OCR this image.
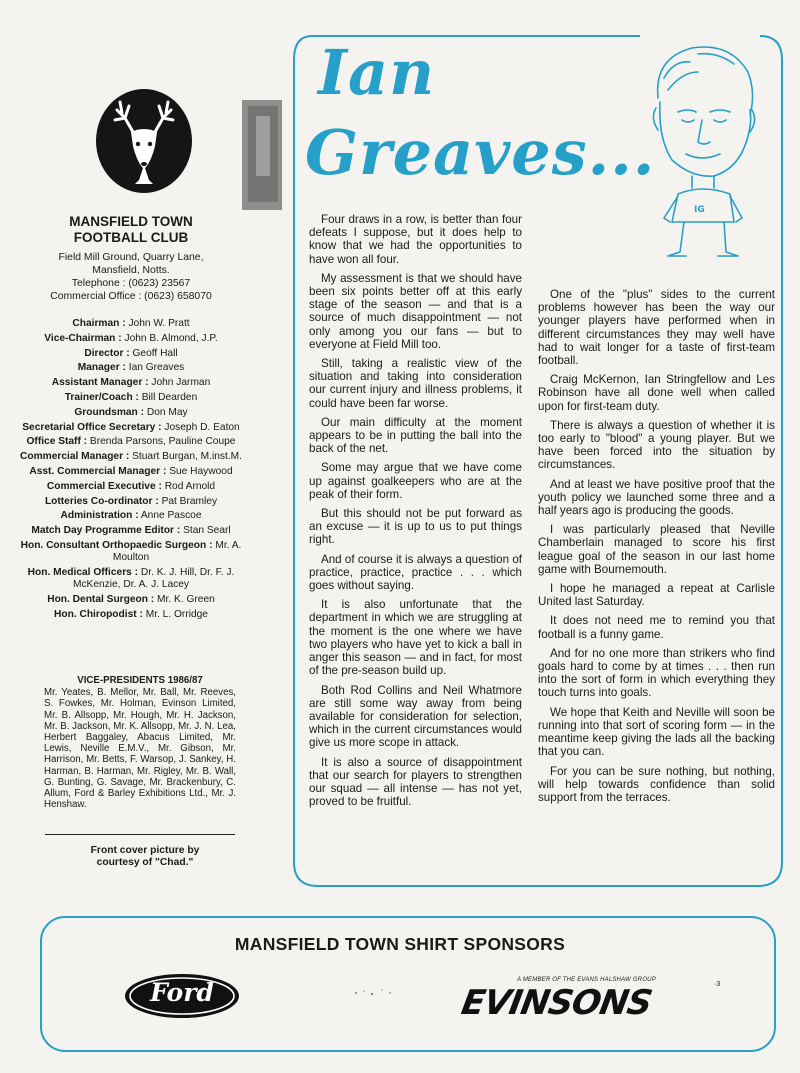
MANSFIELD TOWN

FOOTBALL CLUB

Field Mill Ground, Quarry Lane,

Mansfield, Notts.

Telephone : (0623) 23567

Commercial Office : (0623) 658070

Chairman : John W. Pratt

Vice-Chairman : John B. Almond, J.P.

Director : Geoff Hall

Manager : Ian Greaves

Assistant Manager : John Jarman

Trainer/Coach : Bill Dearden

Groundsman : Don May

Secretarial Office Secretary : Joseph D. Eaton

Office Staff : Brenda Parsons, Pauline Coupe

Commercial Manager : Stuart Burgan, M.inst.M.

Asst. Commercial Manager : Sue Haywood

Commercial Executive : Rod Arnold

Lotteries Co-ordinator : Pat Bramley

Administration : Anne Pascoe

Match Day Programme Editor : Stan Searl

Hon. Consultant Orthopaedic Surgeon : Mr. A. Moulton

Hon. Medical Officers : Dr. K. J. Hill, Dr. F. J. McKenzie, Dr. A. J. Lacey

Hon. Dental Surgeon : Mr. K. Green

Hon. Chiropodist : Mr. L. Orridge

VICE-PRESIDENTS 1986/87
Mr. Yeates, B. Mellor, Mr. Ball, Mr. Reeves, S. Fowkes, Mr. Holman, Evinson Limited, Mr. B. Allsopp, Mr. Hough, Mr. H. Jackson, Mr. B. Jackson, Mr. K. Allsopp, Mr. J. N. Lea, Herbert Baggaley, Abacus Limited, Mr. Lewis, Neville E.M.V., Mr. Gibson, Mr. Harrison, Mr. Betts, F. Warsop, J. Sankey, H. Harman, B. Harman, Mr. Rigley, Mr. B. Wall, G. Bunting, G. Savage, Mr. Brackenbury, C. Allum, Ford & Barley Exhibitions Ltd., Mr. J. Henshaw.
Front cover picture by
courtesy of "Chad."
Ian
Greaves...
IG

Four draws in a row, is better than four defeats I suppose, but it does help to know that we had the opportunities to have won all four.

My assessment is that we should have been six points better off at this early stage of the season — and that is a source of much disappointment — not only among you our fans — but to everyone at Field Mill too.

Still, taking a realistic view of the situation and taking into consideration our current injury and illness problems, it could have been far worse.

Our main difficulty at the moment appears to be in putting the ball into the back of the net.

Some may argue that we have come up against goalkeepers who are at the peak of their form.

But this should not be put forward as an excuse — it is up to us to put things right.

And of course it is always a question of practice, practice, practice . . . which goes without saying.

It is also unfortunate that the department in which we are struggling at the moment is the one where we have two players who have yet to kick a ball in anger this season — and in fact, for most of the pre-season build up.

Both Rod Collins and Neil Whatmore are still some way away from being available for consideration for selection, which in the current circumstances would give us more scope in attack.

It is also a source of disappointment that our search for players to strengthen our squad — all intense — has not yet, proved to be fruitful.

One of the "plus" sides to the current problems however has been the way our younger players have performed when in different circumstances they may well have had to wait longer for a taste of first-team football.

Craig McKernon, Ian Stringfellow and Les Robinson have all done well when called upon for first-team duty.

There is always a question of whether it is too early to "blood" a young player. But we have been forced into the situation by circumstances.

And at least we have positive proof that the youth policy we launched some three and a half years ago is producing the goods.

I was particularly pleased that Neville Chamberlain managed to score his first league goal of the season in our last home game with Bournemouth.

I hope he managed a repeat at Carlisle United last Saturday.

It does not need me to remind you that football is a funny game.

And for no one more than strikers who find goals hard to come by at times . . . then run into the sort of form in which everything they touch turns into goals.

We hope that Keith and Neville will soon be running into that sort of scoring form — in the meantime keep giving the lads all the backing that you can.

For you can be sure nothing, but nothing, will help towards confidence than solid support from the terraces.

MANSFIELD TOWN SHIRT SPONSORS
Ford	A MEMBER OF THE EVANS HALSHAW GROUP
EVINSONS	·3
